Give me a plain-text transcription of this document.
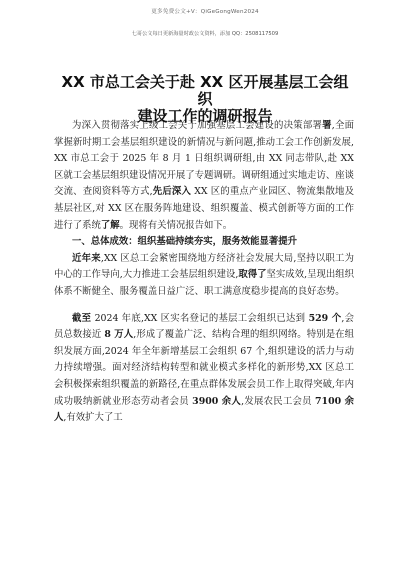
更多免费公文+V：QiGeGongWen2024
七哥公文每日更新海量时政公文资料，添加 QQ：2508117509
XX 市总工会关于赴 XX 区开展基层工会组织
建设工作的调研报告

为深入贯彻落实上级工会关于加强基层工会建设的决策部署署,全面掌握新时期工会基层组织建设的新情况与新问题,推动工会工作创新发展,XX 市总工会于 2025 年 8 月 1 日组织调研组,由 XX 同志带队,赴 XX 区就工会基层组织建设情况开展了专题调研。调研组通过实地走访、座谈交流、查阅资料等方式,先后深入 XX 区的重点产业园区、物流集散地及基层社区,对 XX 区在服务阵地建设、组织覆盖、模式创新等方面的工作进行了系统了解。现将有关情况报告如下。

一、总体成效：组织基础持续夯实，服务效能显著提升

近年来,XX 区总工会紧密围绕地方经济社会发展大局,坚持以职工为中心的工作导向,大力推进工会基层组织建设,取得了坚实成效,呈现出组织体系不断健全、服务覆盖日益广泛、职工满意度稳步提高的良好态势。

截至 2024 年底,XX 区实名登记的基层工会组织已达到 529 个,会员总数接近 8 万人,形成了覆盖广泛、结构合理的组织网络。特别是在组织发展方面,2024 年全年新增基层工会组织 67 个,组织建设的活力与动力持续增强。面对经济结构转型和就业模式多样化的新形势,XX 区总工会积极探索组织覆盖的新路径,在重点群体发展会员工作上取得突破,年内成功吸纳新就业形态劳动者会员 3900 余人,发展农民工会员 7100 余人,有效扩大了工
